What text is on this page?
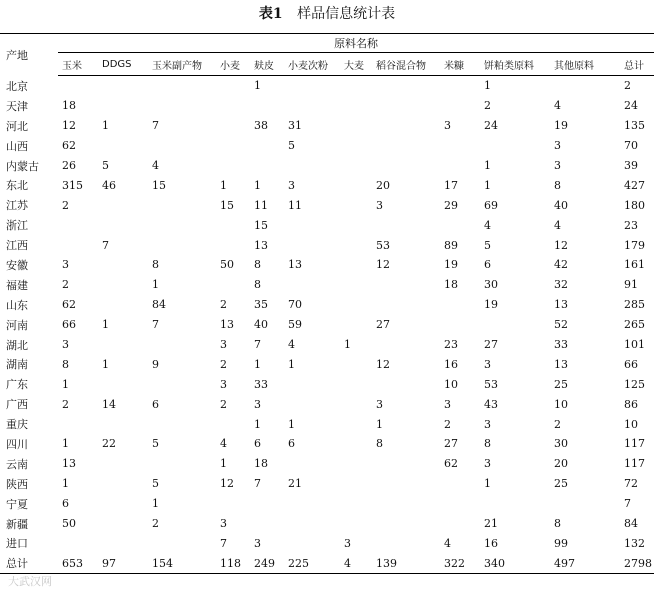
表1 样品信息统计表
产地	原料名称											
	玉米	DDGS	玉米副产物	小麦	麸皮	小麦次粉	大麦	稻谷混合物	米糠	饼粕类原料	其他原料	总计
北京					1					1		2
天津	18									2	4	24
河北	12	1	7		38	31			3	24	19	135
山西	62					5					3	70
内蒙古	26	5	4							1	3	39
东北	315	46	15	1	1	3		20	17	1	8	427
江苏	2			15	11	11		3	29	69	40	180
浙江					15					4	4	23
江西		7			13			53	89	5	12	179
安徽	3		8	50	8	13		12	19	6	42	161
福建	2		1		8				18	30	32	91
山东	62		84	2	35	70				19	13	285
河南	66	1	7	13	40	59		27			52	265
湖北	3			3	7	4	1		23	27	33	101
湖南	8	1	9	2	1	1		12	16	3	13	66
广东	1			3	33				10	53	25	125
广西	2	14	6	2	3			3	3	43	10	86
重庆					1	1		1	2	3	2	10
四川	1	22	5	4	6	6		8	27	8	30	117
云南	13			1	18				62	3	20	117
陕西	1		5	12	7	21				1	25	72
宁夏	6		1									7
新疆	50		2	3						21	8	84
进口				7	3		3		4	16	99	132
总计	653	97	154	118	249	225	4	139	322	340	497	2798
大武汉网
